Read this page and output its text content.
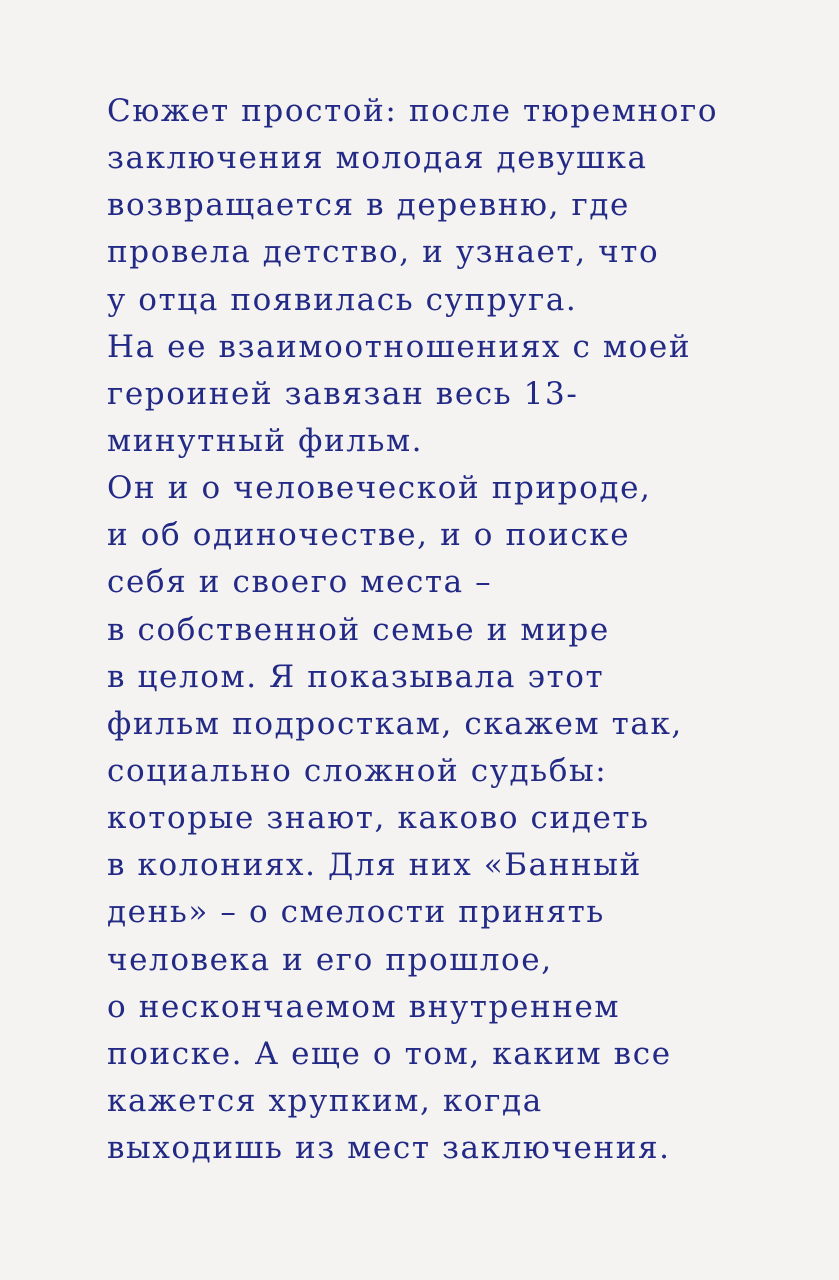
Сюжет простой: после тюремного
заключения молодая девушка
возвращается в деревню, где
провела детство, и узнает, что
у отца появилась супруга.
На ее взаимоотношениях с моей
героиней завязан весь 13-
минутный фильм.
Он и о человеческой природе,
и об одиночестве, и о поиске
себя и своего места –
в собственной семье и мире
в целом. Я показывала этот
фильм подросткам, скажем так,
социально сложной судьбы:
которые знают, каково сидеть
в колониях. Для них «Банный
день» – о смелости принять
человека и его прошлое,
о нескончаемом внутреннем
поиске. А еще о том, каким все
кажется хрупким, когда
выходишь из мест заключения.
